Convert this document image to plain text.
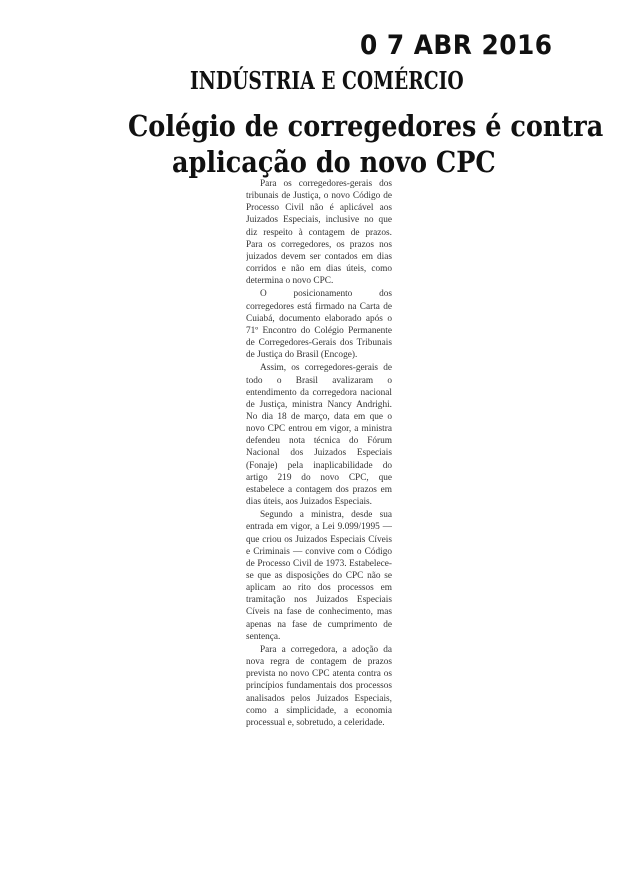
0 7 ABR 2016
INDÚSTRIA E COMÉRCIO
Colégio de corregedores é contra
aplicação do novo CPC

Para os corregedores-gerais dos tribunais de Justiça, o novo Código de Processo Civil não é aplicável aos Juizados Especiais, inclusive no que diz respeito à contagem de prazos. Para os corregedores, os prazos nos juizados devem ser contados em dias corridos e não em dias úteis, como determina o novo CPC.

O posicionamento dos corregedores está firmado na Carta de Cuiabá, documento elaborado após o 71º Encontro do Colégio Permanente de Corregedores-Gerais dos Tribunais de Justiça do Brasil (Encoge).

Assim, os corregedores-gerais de todo o Brasil avalizaram o entendimento da corregedora nacional de Justiça, ministra Nancy Andrighi. No dia 18 de março, data em que o novo CPC entrou em vigor, a ministra defendeu nota técnica do Fórum Nacional dos Juizados Especiais (Fonaje) pela inaplicabilidade do artigo 219 do novo CPC, que estabelece a contagem dos prazos em dias úteis, aos Juizados Especiais.

Segundo a ministra, desde sua entrada em vigor, a Lei 9.099/1995 — que criou os Juizados Especiais Cíveis e Criminais — convive com o Código de Processo Civil de 1973. Estabelece-se que as disposições do CPC não se aplicam ao rito dos processos em tramitação nos Juizados Especiais Cíveis na fase de conhecimento, mas apenas na fase de cumprimento de sentença.

Para a corregedora, a adoção da nova regra de contagem de prazos prevista no novo CPC atenta contra os princípios fundamentais dos processos analisados pelos Juizados Especiais, como a simplicidade, a economia processual e, sobretudo, a celeridade.
